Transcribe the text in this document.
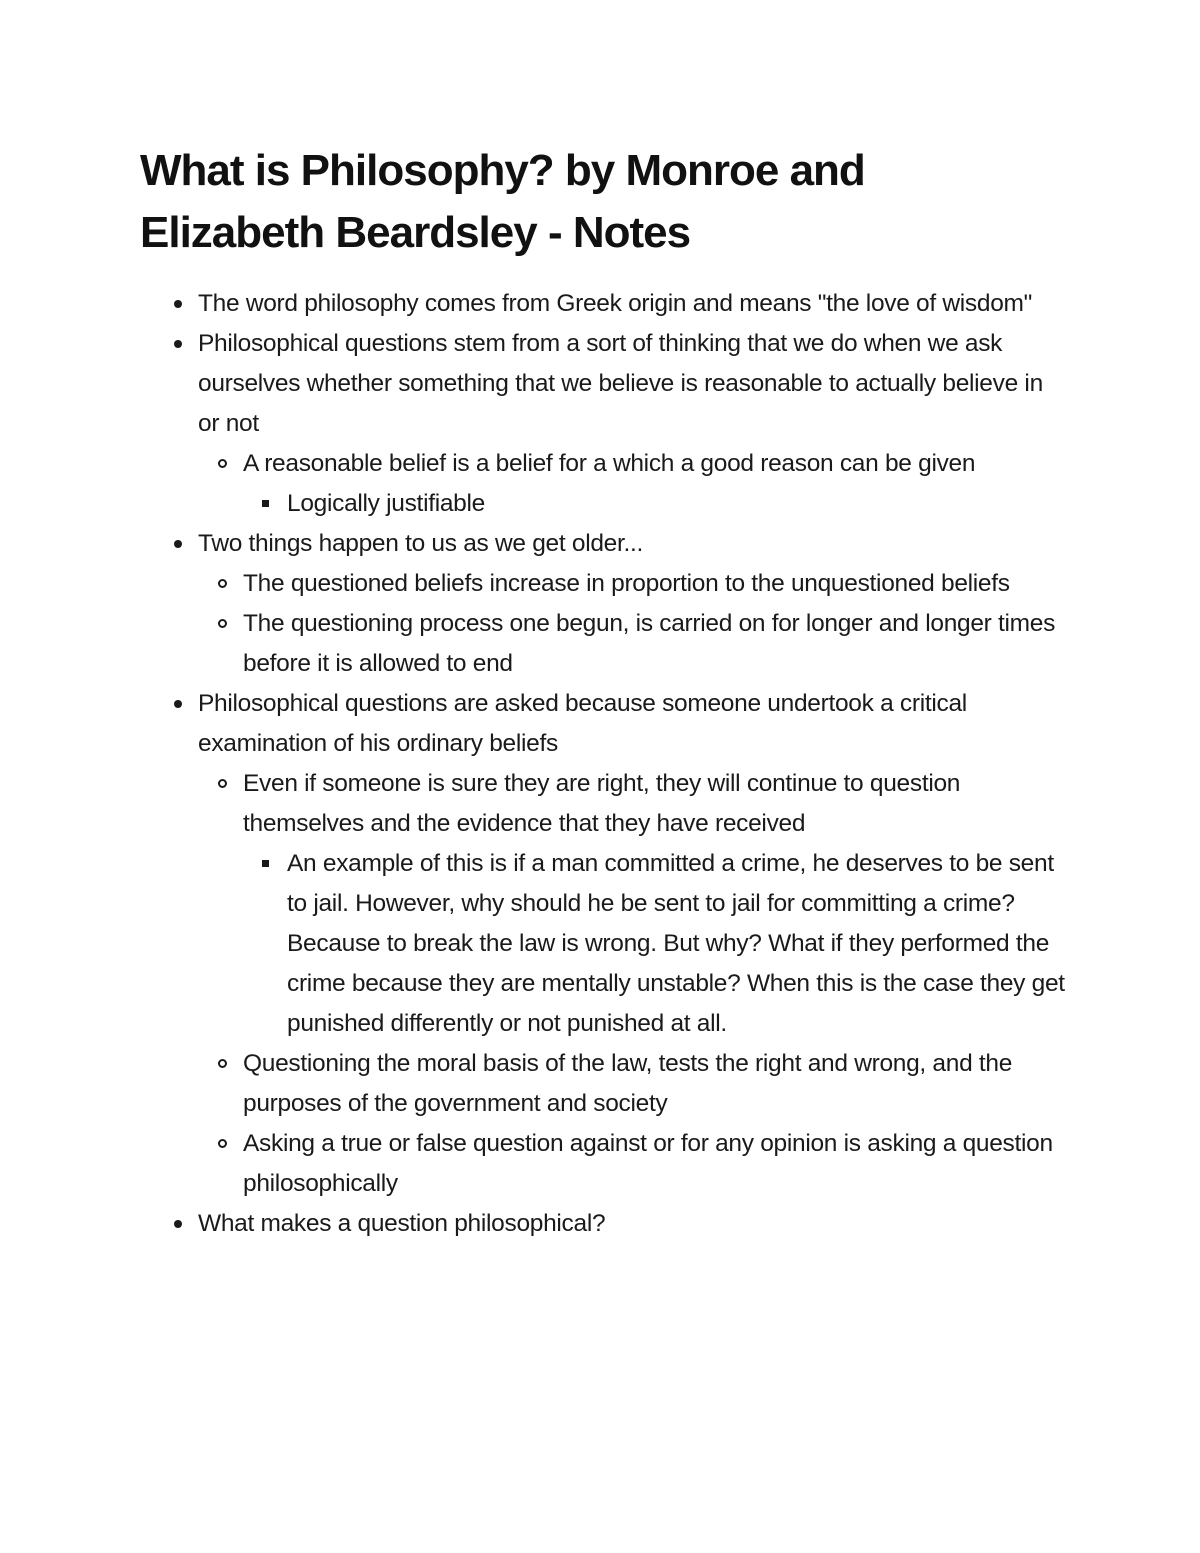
What is Philosophy? by Monroe and Elizabeth Beardsley - Notes
The word philosophy comes from Greek origin and means "the love of wisdom"
Philosophical questions stem from a sort of thinking that we do when we ask ourselves whether something that we believe is reasonable to actually believe in or not
A reasonable belief is a belief for a which a good reason can be given
Logically justifiable
Two things happen to us as we get older...
The questioned beliefs increase in proportion to the unquestioned beliefs
The questioning process one begun, is carried on for longer and longer times before it is allowed to end
Philosophical questions are asked because someone undertook a critical examination of his ordinary beliefs
Even if someone is sure they are right, they will continue to question themselves and the evidence that they have received
An example of this is if a man committed a crime, he deserves to be sent to jail. However, why should he be sent to jail for committing a crime? Because to break the law is wrong. But why? What if they performed the crime because they are mentally unstable? When this is the case they get punished differently or not punished at all.
Questioning the moral basis of the law, tests the right and wrong, and the purposes of the government and society
Asking a true or false question against or for any opinion is asking a question philosophically
What makes a question philosophical?
